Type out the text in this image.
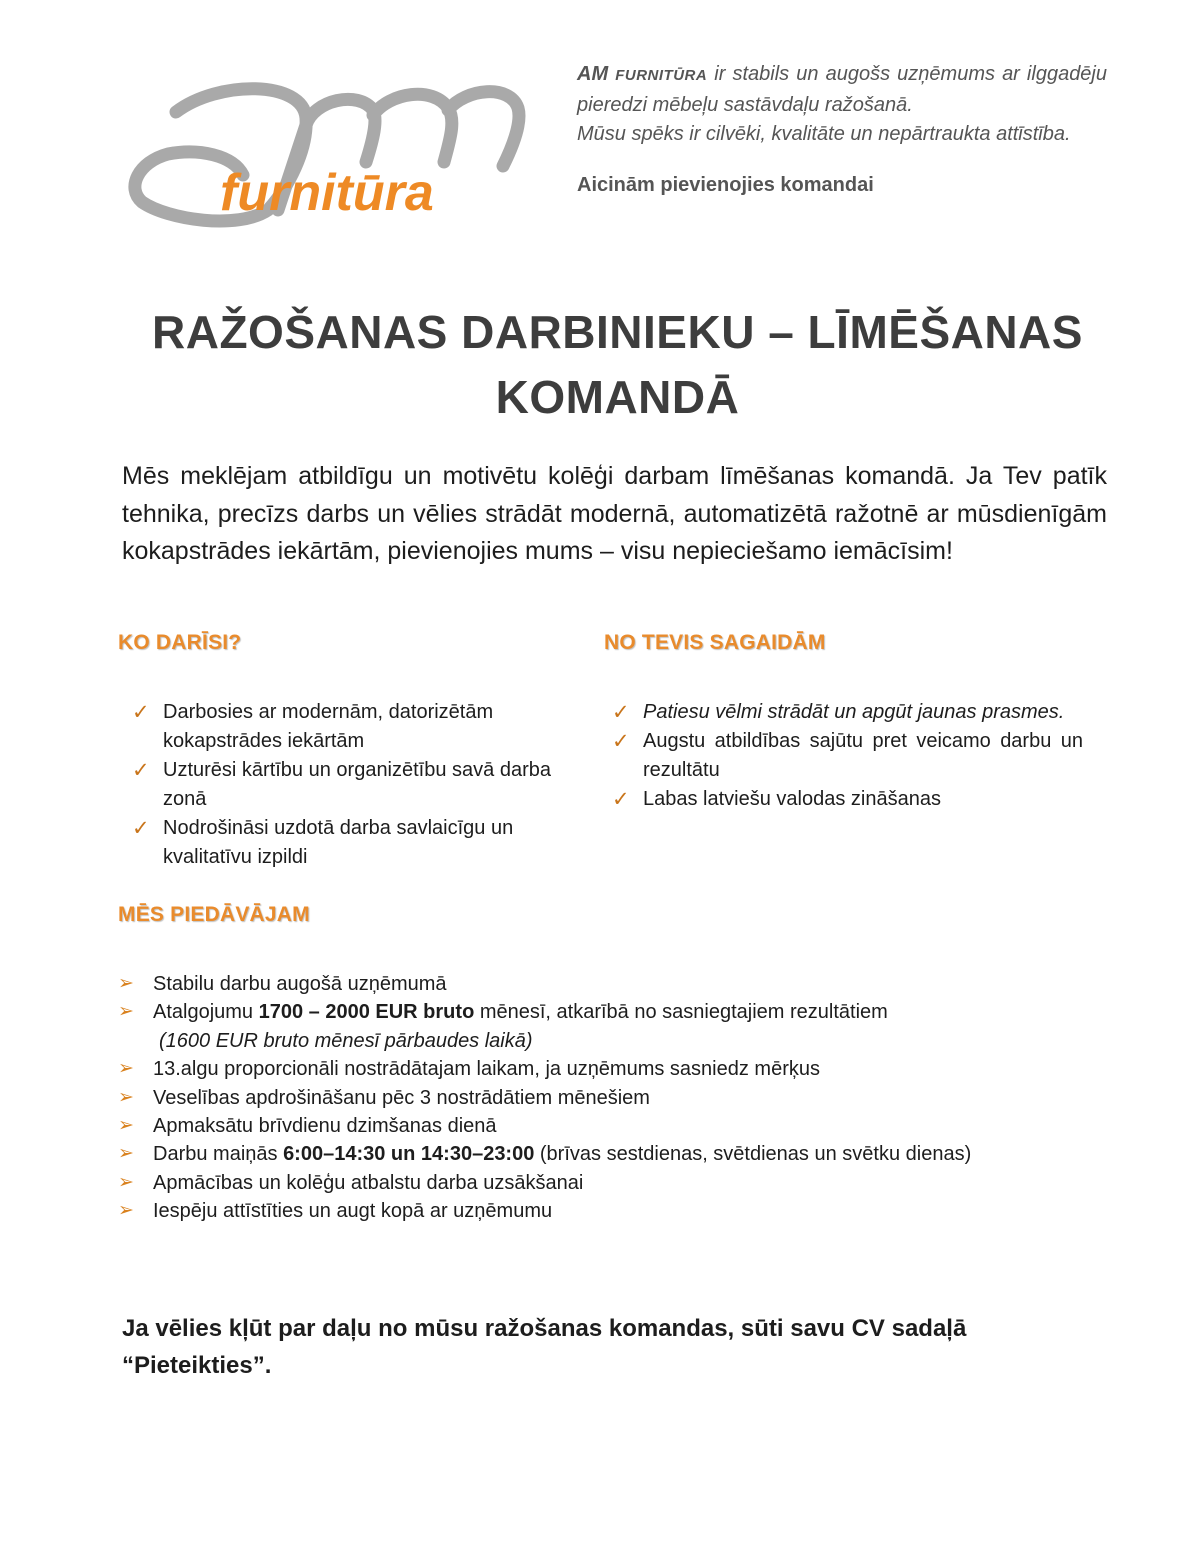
furnitūra

AM FURNITŪRA ir stabils un augošs uzņēmums ar ilggadēju pieredzi mēbeļu sastāvdaļu ražošanā.

Mūsu spēks ir cilvēki, kvalitāte un nepārtraukta attīstība.

Aicinām pievienojies komandai

RAŽOŠANAS DARBINIEKU – LĪMĒŠANAS KOMANDĀ

Mēs meklējam atbildīgu un motivētu kolēģi darbam līmēšanas komandā. Ja Tev patīk tehnika, precīzs darbs un vēlies strādāt modernā, automatizētā ražotnē ar mūsdienīgām kokapstrādes iekārtām, pievienojies mums – visu nepieciešamo iemācīsim!

KO DARĪSI?
✓ Darbosies ar modernām, datorizētām kokapstrādes iekārtām
✓ Uzturēsi kārtību un organizētību savā darba zonā
✓ Nodrošināsi uzdotā darba savlaicīgu un kvalitatīvu izpildi
NO TEVIS SAGAIDĀM
✓ Patiesu vēlmi strādāt un apgūt jaunas prasmes.
✓ Augstu atbildības sajūtu pret veicamo darbu un rezultātu
✓ Labas latviešu valodas zināšanas
MĒS PIEDĀVĀJAM
➢ Stabilu darbu augošā uzņēmumā
➢ Atalgojumu 1700 – 2000 EUR bruto mēnesī, atkarībā no sasniegtajiem rezultātiem
(1600 EUR bruto mēnesī pārbaudes laikā)
➢ 13.algu proporcionāli nostrādātajam laikam, ja uzņēmums sasniedz mērķus
➢ Veselības apdrošināšanu pēc 3 nostrādātiem mēnešiem
➢ Apmaksātu brīvdienu dzimšanas dienā
➢ Darbu maiņās 6:00–14:30 un 14:30–23:00 (brīvas sestdienas, svētdienas un svētku dienas)
➢ Apmācības un kolēģu atbalstu darba uzsākšanai
➢ Iespēju attīstīties un augt kopā ar uzņēmumu

Ja vēlies kļūt par daļu no mūsu ražošanas komandas, sūti savu CV sadaļā “Pieteikties”.
